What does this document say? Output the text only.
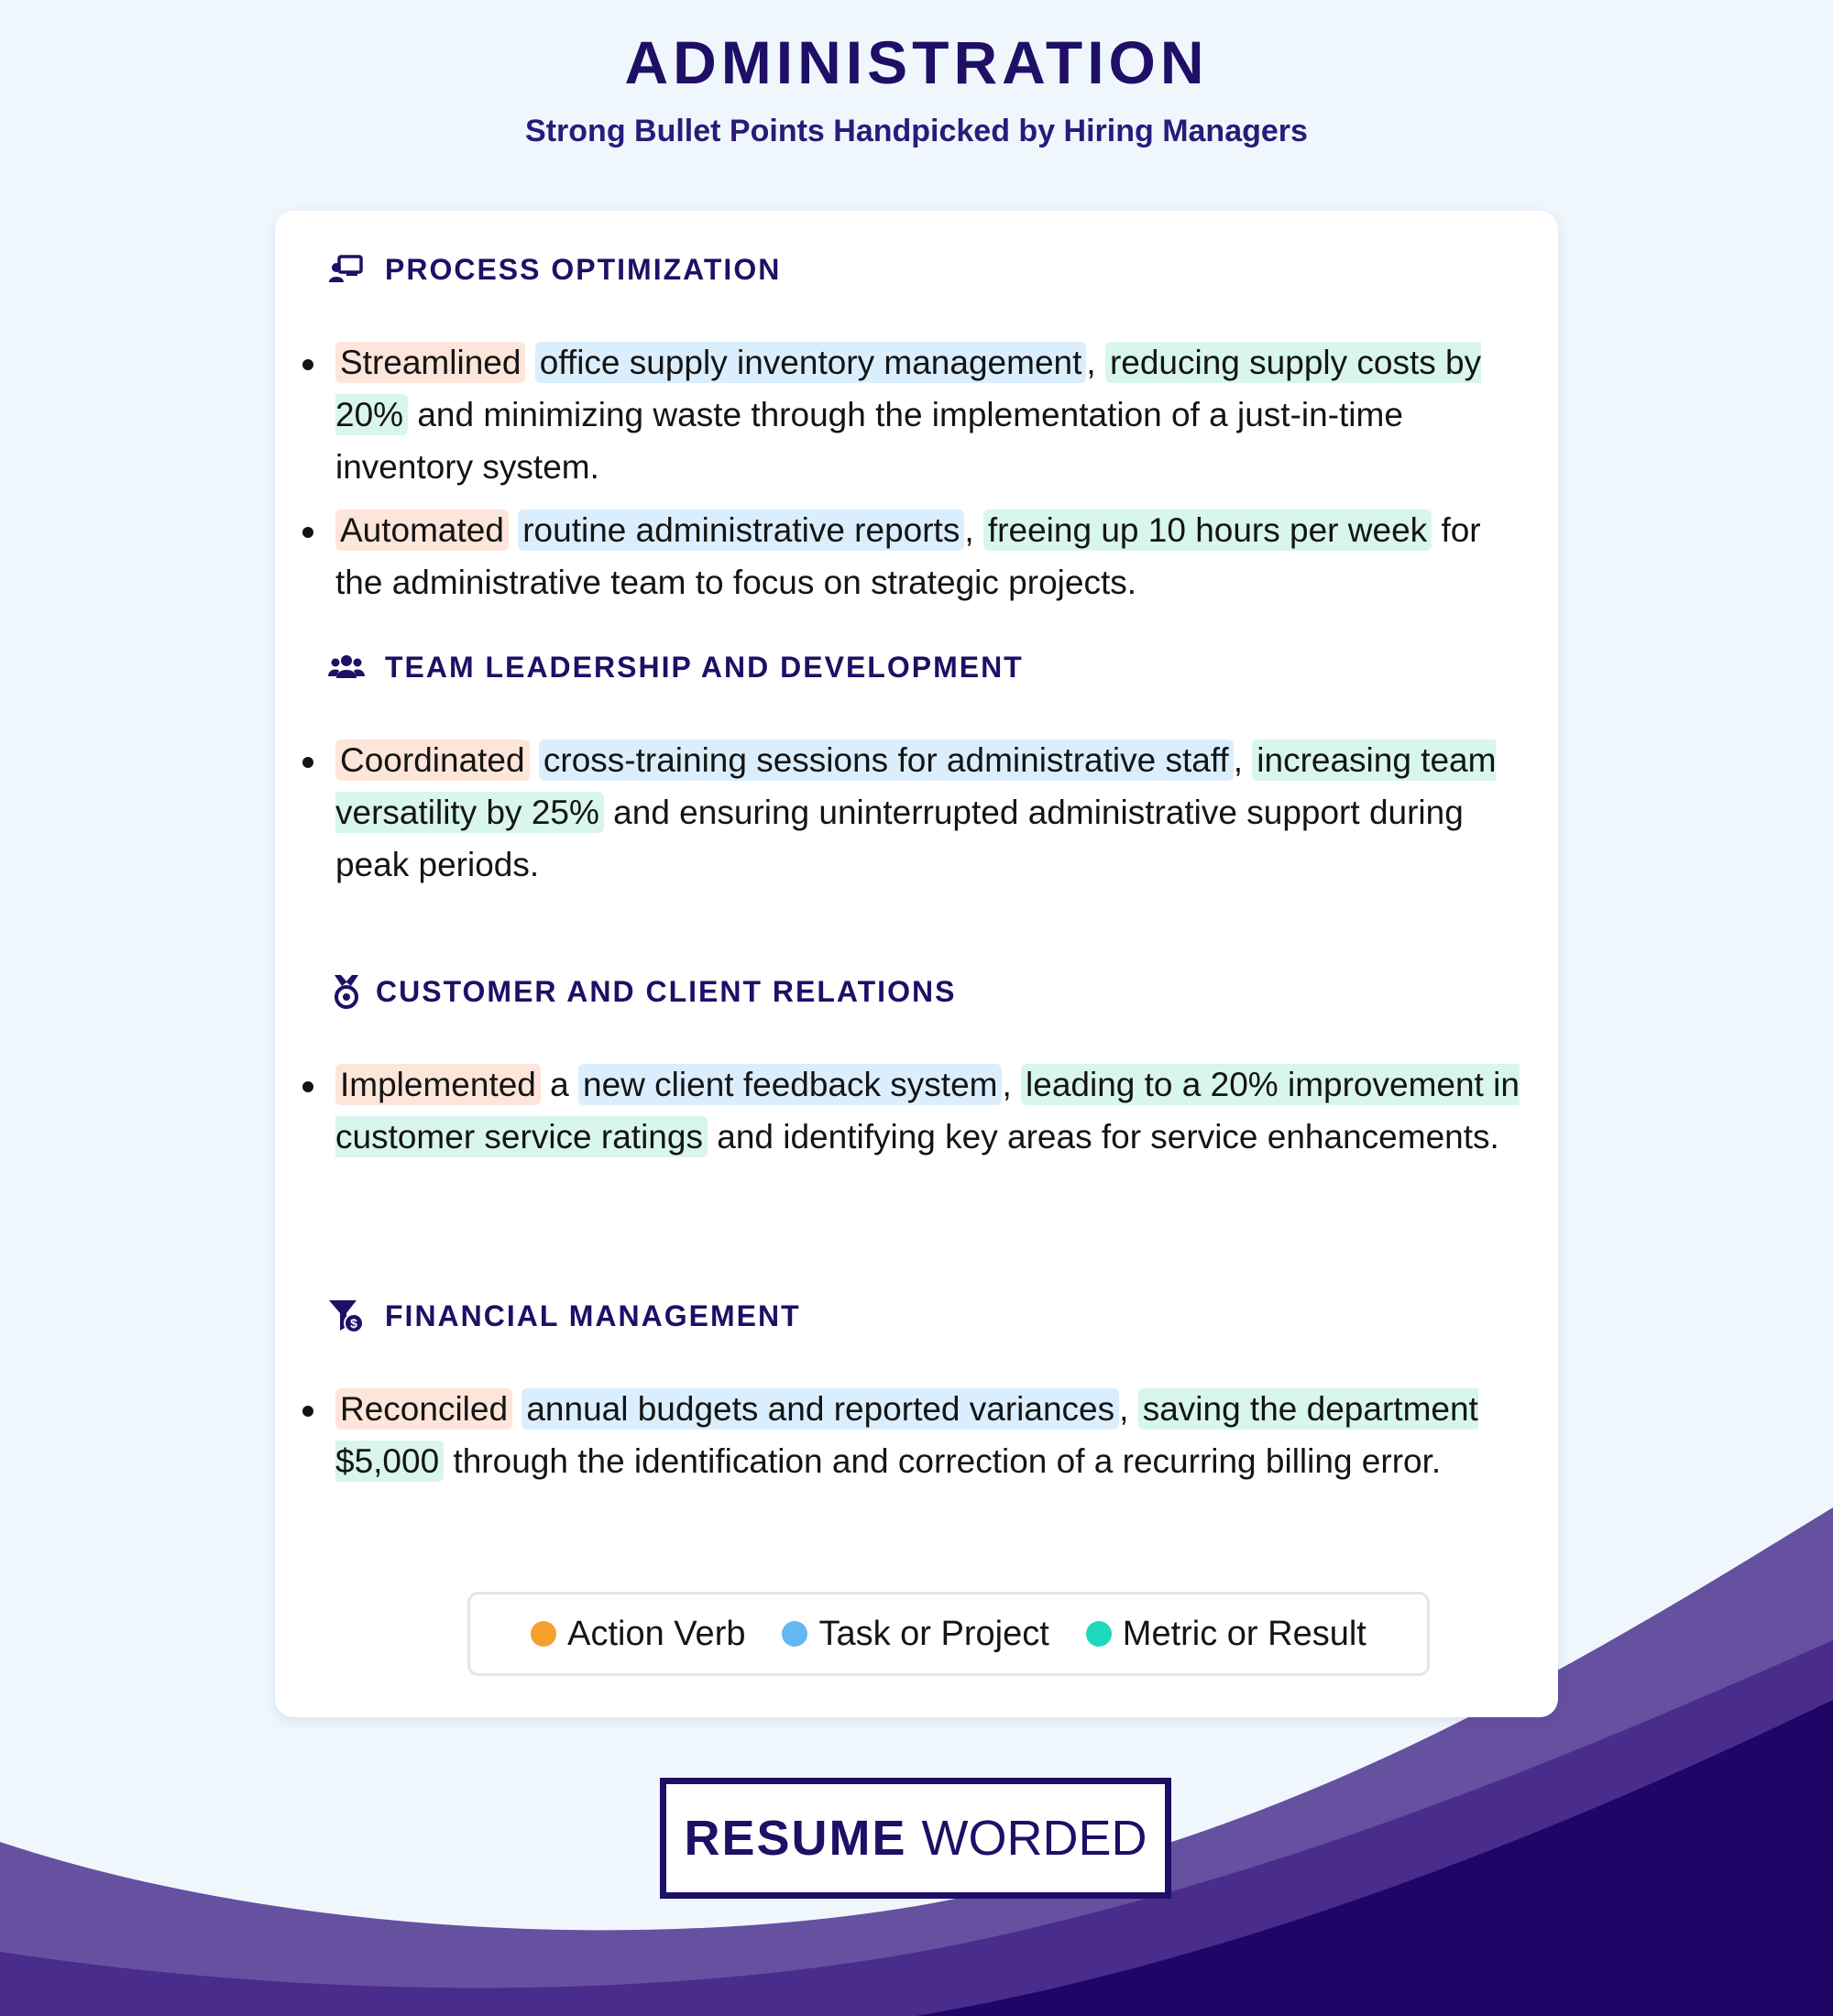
ADMINISTRATION
Strong Bullet Points Handpicked by Hiring Managers
PROCESS OPTIMIZATION
Streamlined office supply inventory management , reducing supply costs by 20% and minimizing waste through the implementation of a just-in-time inventory system.
Automated routine administrative reports , freeing up 10 hours per week for the administrative team to focus on strategic projects.
TEAM LEADERSHIP AND DEVELOPMENT
Coordinated cross-training sessions for administrative staff , increasing team versatility by 25% and ensuring uninterrupted administrative support during peak periods.
CUSTOMER AND CLIENT RELATIONS
Implemented a new client feedback system , leading to a 20% improvement in customer service ratings and identifying key areas for service enhancements.
$ FINANCIAL MANAGEMENT
Reconciled annual budgets and reported variances , saving the department $5,000 through the identification and correction of a recurring billing error.
Action Verb Task or Project Metric or Result
RESUME WORDED
